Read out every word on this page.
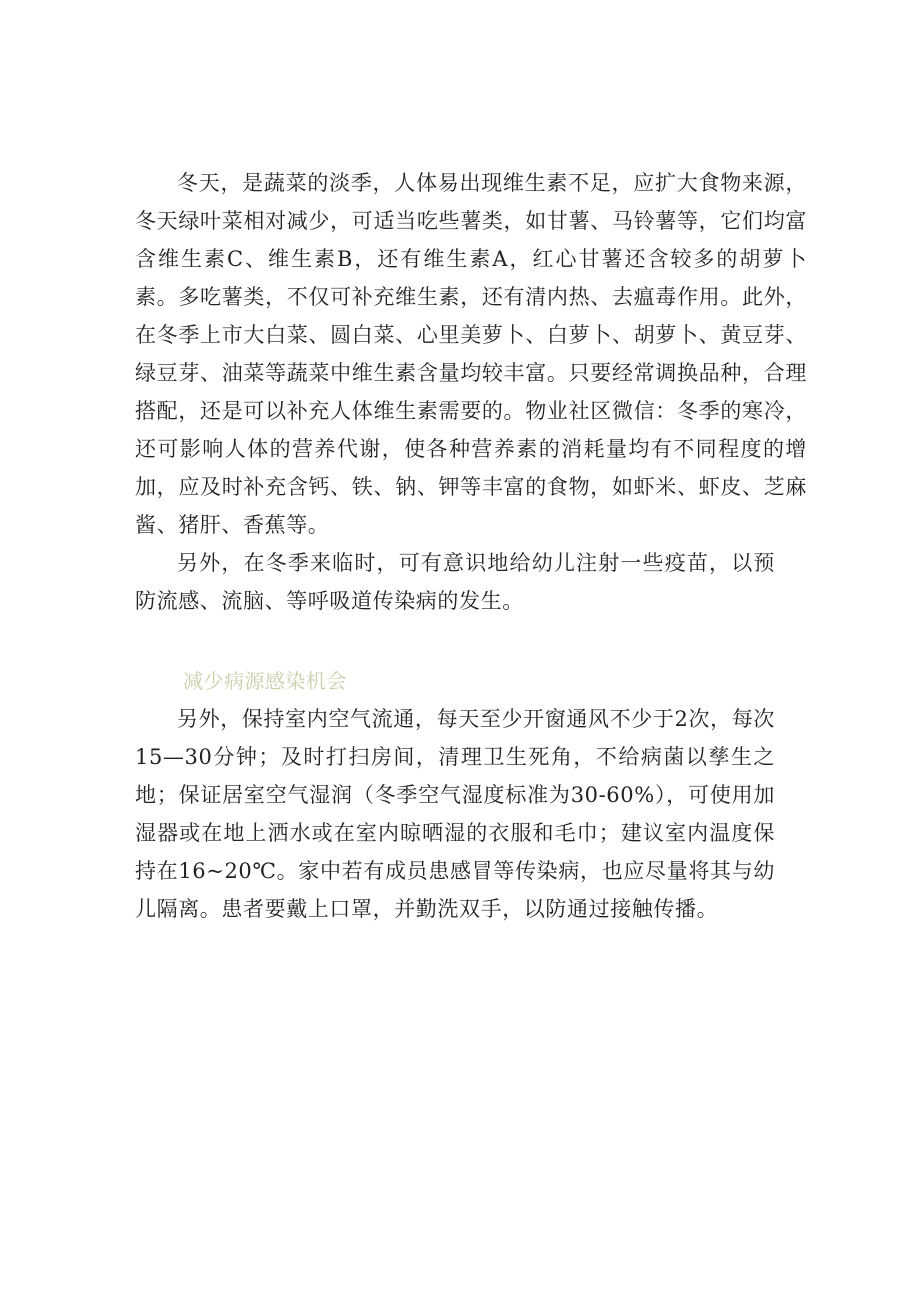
冬天，是蔬菜的淡季，人体易出现维生素不足，应扩大食物来源，冬天绿叶菜相对减少，可适当吃些薯类，如甘薯、马铃薯等，它们均富含维生素C、维生素B，还有维生素A，红心甘薯还含较多的胡萝卜素。多吃薯类，不仅可补充维生素，还有清内热、去瘟毒作用。此外，在冬季上市大白菜、圆白菜、心里美萝卜、白萝卜、胡萝卜、黄豆芽、绿豆芽、油菜等蔬菜中维生素含量均较丰富。只要经常调换品种，合理搭配，还是可以补充人体维生素需要的。物业社区微信：冬季的寒冷，还可影响人体的营养代谢，使各种营养素的消耗量均有不同程度的增加，应及时补充含钙、铁、钠、钾等丰富的食物，如虾米、虾皮、芝麻酱、猪肝、香蕉等。

另外，在冬季来临时，可有意识地给幼儿注射一些疫苗，以预防流感、流脑、等呼吸道传染病的发生。

减少病源感染机会

另外，保持室内空气流通，每天至少开窗通风不少于2次，每次15—30分钟；及时打扫房间，清理卫生死角，不给病菌以孳生之地；保证居室空气湿润（冬季空气湿度标准为30-60%），可使用加湿器或在地上洒水或在室内晾晒湿的衣服和毛巾；建议室内温度保持在16~20℃。家中若有成员患感冒等传染病，也应尽量将其与幼儿隔离。患者要戴上口罩，并勤洗双手，以防通过接触传播。
